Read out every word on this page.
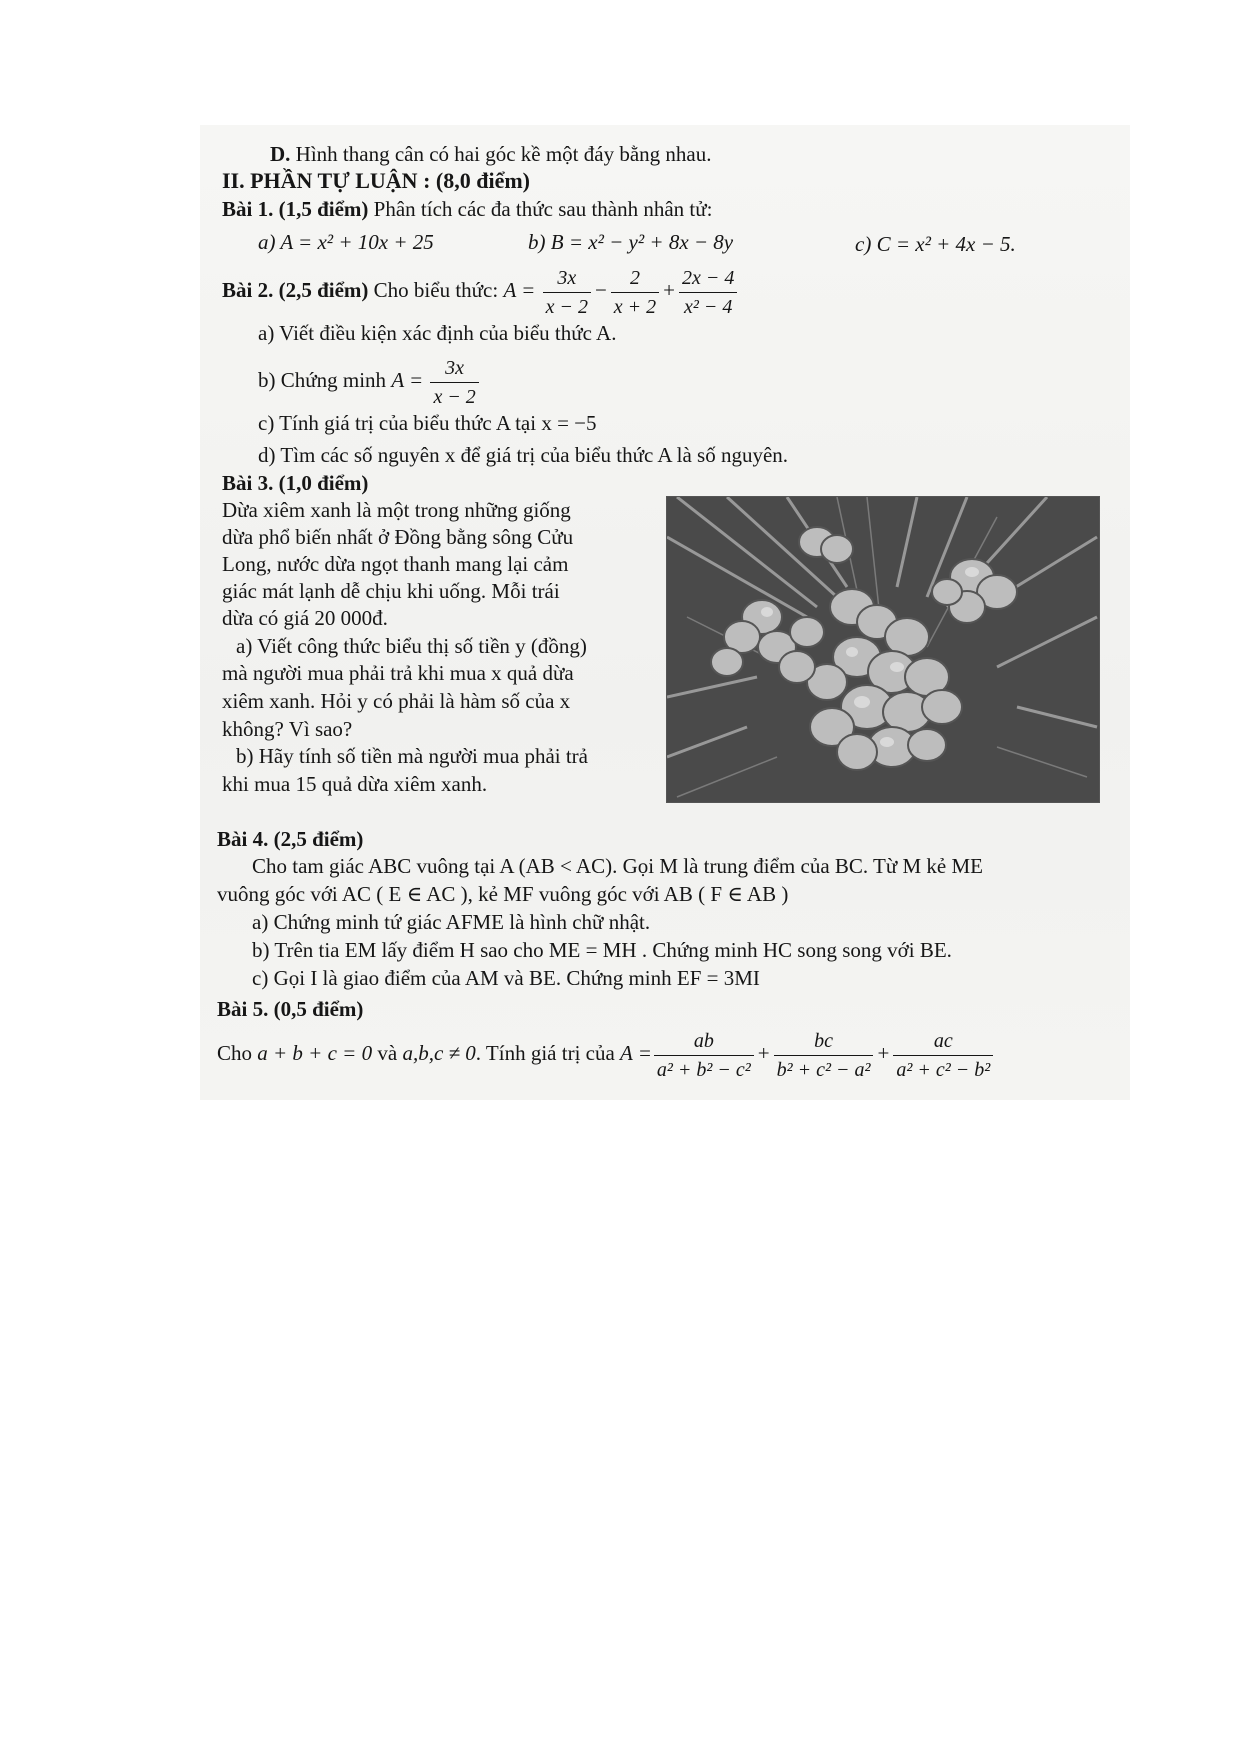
D. Hình thang cân có hai góc kề một đáy bằng nhau.
II. PHẦN TỰ LUẬN : (8,0 điểm)
Bài 1. (1,5 điểm) Phân tích các đa thức sau thành nhân tử:
a) A = x² + 10x + 25	b) B = x² − y² + 8x − 8y	c) C = x² + 4x − 5.
Bài 2. (2,5 điểm) Cho biểu thức: $A = \frac{3x}{x - 2} - \frac{2}{x + 2} + \frac{2x - 4}{\text{x² − 4}}$
a) Viết điều kiện xác định của biểu thức A.
b) Chứng minh $A = \frac{3x}{x - 2}$
c) Tính giá trị của biểu thức A tại x = −5
d) Tìm các số nguyên x để giá trị của biểu thức A là số nguyên.
Bài 3. (1,0 điểm)
Dừa xiêm xanh là một trong những giống
dừa phổ biến nhất ở Đồng bằng sông Cửu
Long, nước dừa ngọt thanh mang lại cảm
giác mát lạnh dễ chịu khi uống. Mỗi trái
dừa có giá 20 000đ.
a) Viết công thức biểu thị số tiền y (đồng)
mà người mua phải trả khi mua x quả dừa
xiêm xanh. Hỏi y có phải là hàm số của x
không? Vì sao?
b) Hãy tính số tiền mà người mua phải trả
khi mua 15 quả dừa xiêm xanh.
Bài 4. (2,5 điểm)
Cho tam giác ABC vuông tại A (AB < AC). Gọi M là trung điểm của BC. Từ M kẻ ME
vuông góc với AC ( E ∈ AC ), kẻ MF vuông góc với AB ( F ∈ AB )
a) Chứng minh tứ giác AFME là hình chữ nhật.
b) Trên tia EM lấy điểm H sao cho ME = MH . Chứng minh HC song song với BE.
c) Gọi I là giao điểm của AM và BE. Chứng minh EF = 3MI
Bài 5. (0,5 điểm)
Cho a + b + c = 0 và a,b,c ≠ 0. Tính giá trị của $A = \frac{ab}{\text{a² + b² − c²}} + \frac{bc}{\text{b² + c² − a²}} + \frac{ac}{\text{a² + c² − b²}}$
